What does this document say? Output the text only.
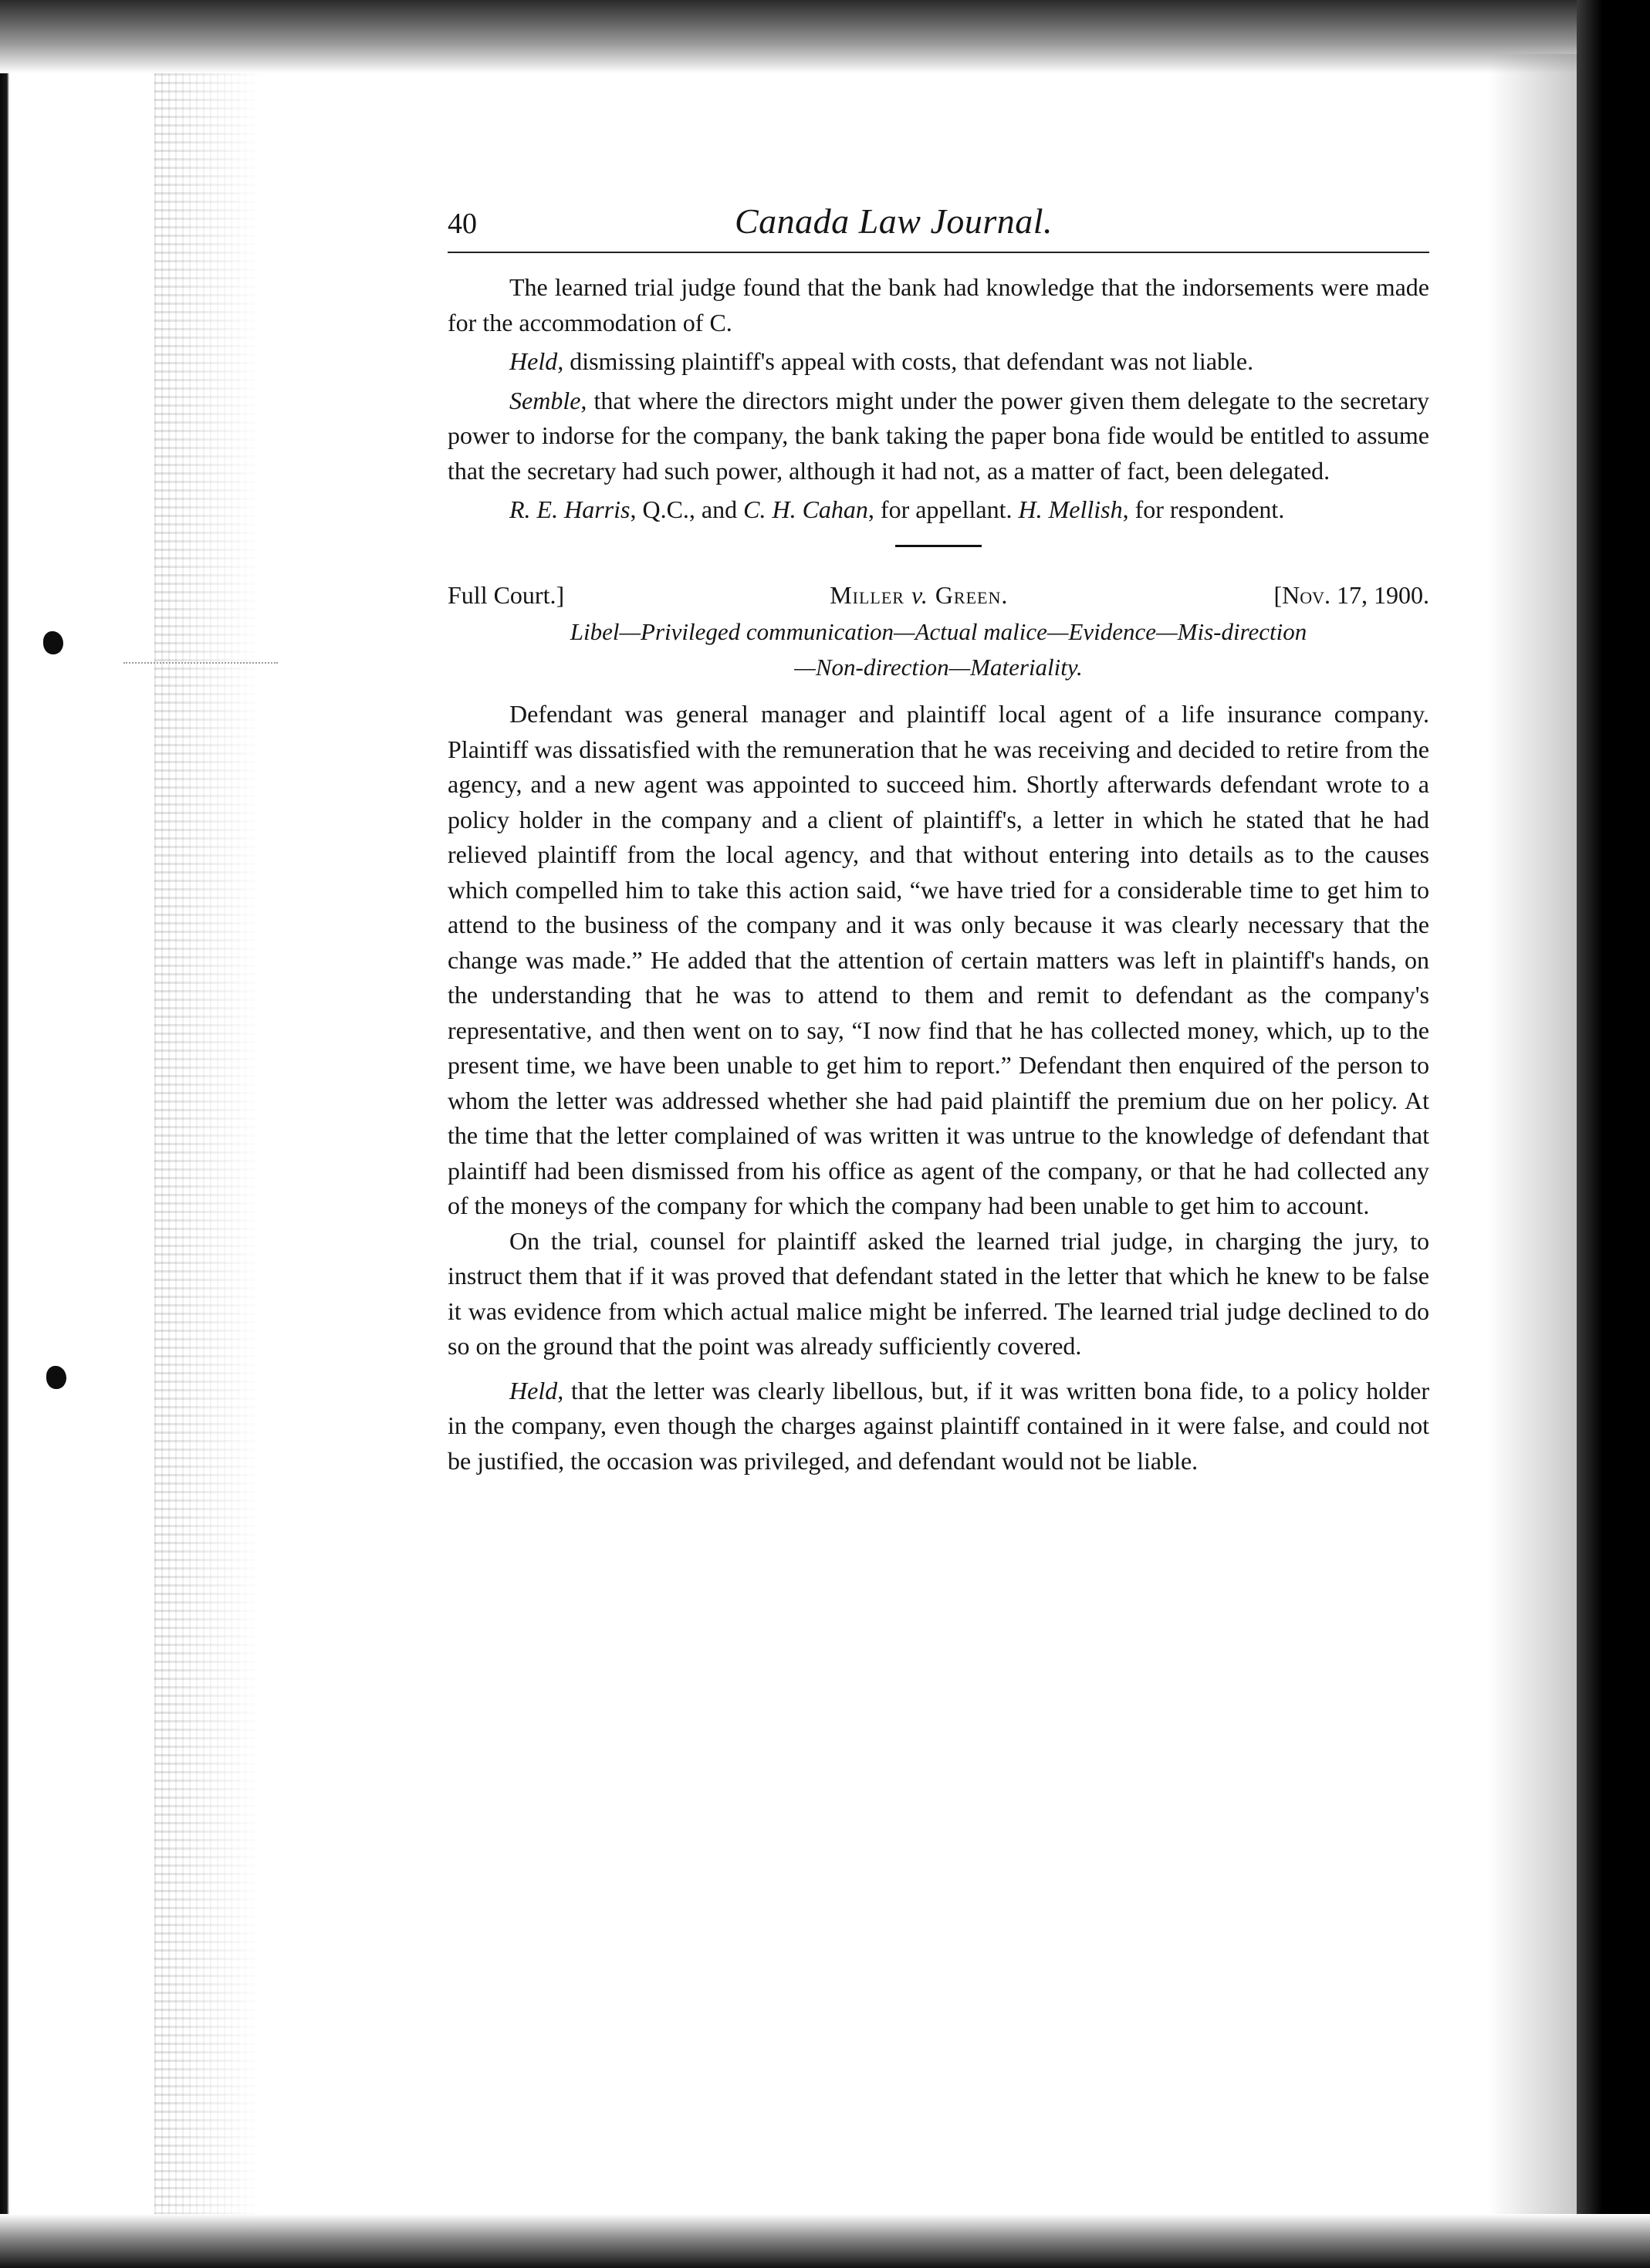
40	Canada Law Journal.

The learned trial judge found that the bank had knowledge that the indorsements were made for the accommodation of C.

Held, dismissing plaintiff's appeal with costs, that defendant was not liable.

Semble, that where the directors might under the power given them delegate to the secretary power to indorse for the company, the bank taking the paper bona fide would be entitled to assume that the secretary had such power, although it had not, as a matter of fact, been delegated.

R. E. Harris, Q.C., and C. H. Cahan, for appellant. H. Mellish, for respondent.

Full Court.]	Miller v. Green.	[Nov. 17, 1900.
Libel—Privileged communication—Actual malice—Evidence—Mis-direction
—Non-direction—Materiality.

Defendant was general manager and plaintiff local agent of a life insurance company. Plaintiff was dissatisfied with the remuneration that he was receiving and decided to retire from the agency, and a new agent was appointed to succeed him. Shortly afterwards defendant wrote to a policy holder in the company and a client of plaintiff's, a letter in which he stated that he had relieved plaintiff from the local agency, and that without entering into details as to the causes which compelled him to take this action said, “we have tried for a considerable time to get him to attend to the business of the company and it was only because it was clearly necessary that the change was made.” He added that the attention of certain matters was left in plaintiff's hands, on the understanding that he was to attend to them and remit to defendant as the company's representative, and then went on to say, “I now find that he has collected money, which, up to the present time, we have been unable to get him to report.” Defendant then enquired of the person to whom the letter was addressed whether she had paid plaintiff the premium due on her policy. At the time that the letter complained of was written it was untrue to the knowledge of defendant that plaintiff had been dismissed from his office as agent of the company, or that he had collected any of the moneys of the company for which the company had been unable to get him to account.

On the trial, counsel for plaintiff asked the learned trial judge, in charging the jury, to instruct them that if it was proved that defendant stated in the letter that which he knew to be false it was evidence from which actual malice might be inferred. The learned trial judge declined to do so on the ground that the point was already sufficiently covered.

Held, that the letter was clearly libellous, but, if it was written bona fide, to a policy holder in the company, even though the charges against plaintiff contained in it were false, and could not be justified, the occasion was privileged, and defendant would not be liable.
